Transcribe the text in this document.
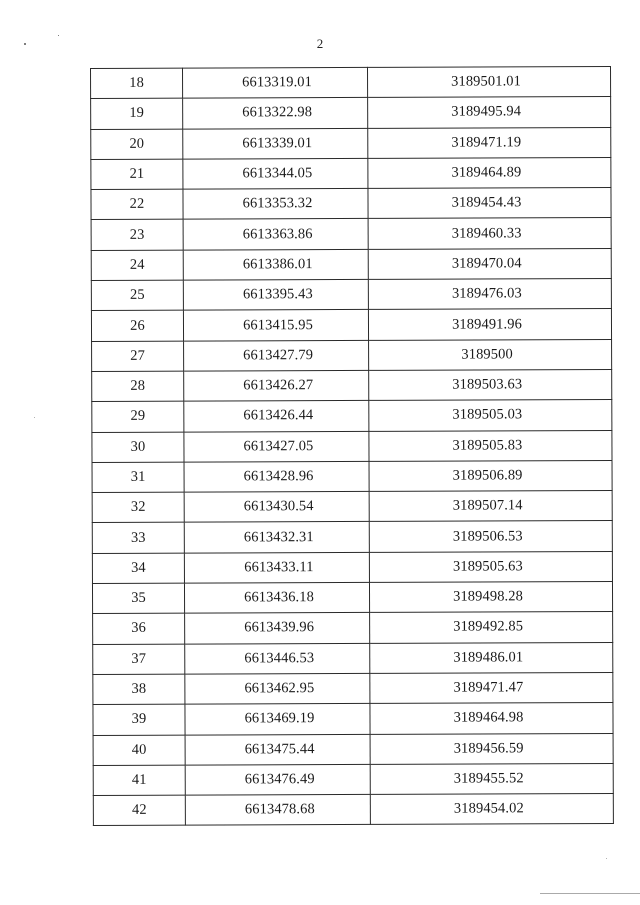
2
18	6613319.01	3189501.01
19	6613322.98	3189495.94
20	6613339.01	3189471.19
21	6613344.05	3189464.89
22	6613353.32	3189454.43
23	6613363.86	3189460.33
24	6613386.01	3189470.04
25	6613395.43	3189476.03
26	6613415.95	3189491.96
27	6613427.79	3189500
28	6613426.27	3189503.63
29	6613426.44	3189505.03
30	6613427.05	3189505.83
31	6613428.96	3189506.89
32	6613430.54	3189507.14
33	6613432.31	3189506.53
34	6613433.11	3189505.63
35	6613436.18	3189498.28
36	6613439.96	3189492.85
37	6613446.53	3189486.01
38	6613462.95	3189471.47
39	6613469.19	3189464.98
40	6613475.44	3189456.59
41	6613476.49	3189455.52
42	6613478.68	3189454.02
